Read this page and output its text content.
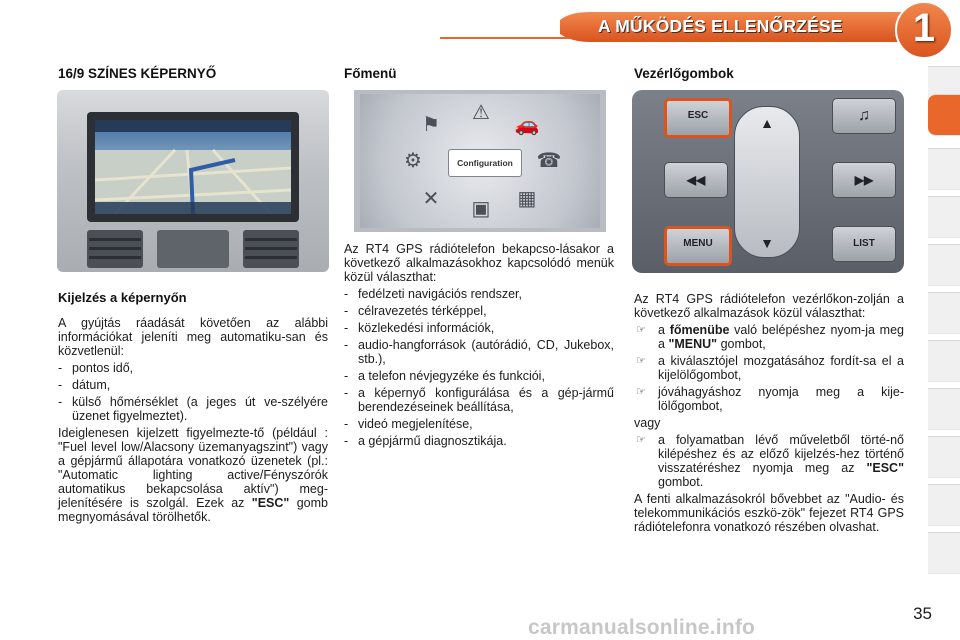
A MŰKÖDÉS ELLENŐRZÉSE	1
16/9 SZÍNES KÉPERNYŐ
Kijelzés a képernyőn

A gyújtás ráadását követően az alábbi információkat jeleníti meg automatiku-san és közvetlenül:

- pontos idő,
- dátum,
- külső hőmérséklet (a jeges út ve-szélyére üzenet figyelmeztet).

Ideiglenesen kijelzett figyelmezte-tő (például : "Fuel level low/Alacsony üzemanyagszint") vagy a gépjármű állapotára vonatkozó üzenetek (pl.: "Automatic lighting active/Fényszórók automatikus bekapcsolása aktív") meg-jelenítésére is szolgál. Ezek az "ESC" gomb megnyomásával törölhetők.

Főmenü
⚠
⚑	🚗
⚙	☎
✕ ▣ ▦
Configuration

Az RT4 GPS rádiótelefon bekapcso-lásakor a következő alkalmazásokhoz kapcsolódó menük közül választhat:

- fedélzeti navigációs rendszer,
- célravezetés térképpel,
- közlekedési információk,
- audio-hangforrások (autórádió, CD, Jukebox, stb.),
- a telefon névjegyzéke és funkciói,
- a képernyő konfigurálása és a gép-jármű berendezéseinek beállítása,
- videó megjelenítése,
- a gépjármű diagnosztikája.
Vezérlőgombok
ESC	♫
◀◀	▶▶
MENU	LIST
▲
▼

Az RT4 GPS rádiótelefon vezérlőkon-zolján a következő alkalmazások közül választhat:

☞ a főmenübe való belépéshez nyom-ja meg a "MENU" gombot,
☞ a kiválasztójel mozgatásához fordít-sa el a kijelölőgombot,
☞ jóváhagyáshoz nyomja meg a kije-lölőgombot,

vagy

☞ a folyamatban lévő műveletből törté-nő kilépéshez és az előző kijelzés-hez történő visszatéréshez nyomja meg az "ESC" gombot.

A fenti alkalmazásokról bővebbet az "Audio- és telekommunikációs eszkö-zök" fejezet RT4 GPS rádiótelefonra vonatkozó részében olvashat.

35
carmanualsonline.info
